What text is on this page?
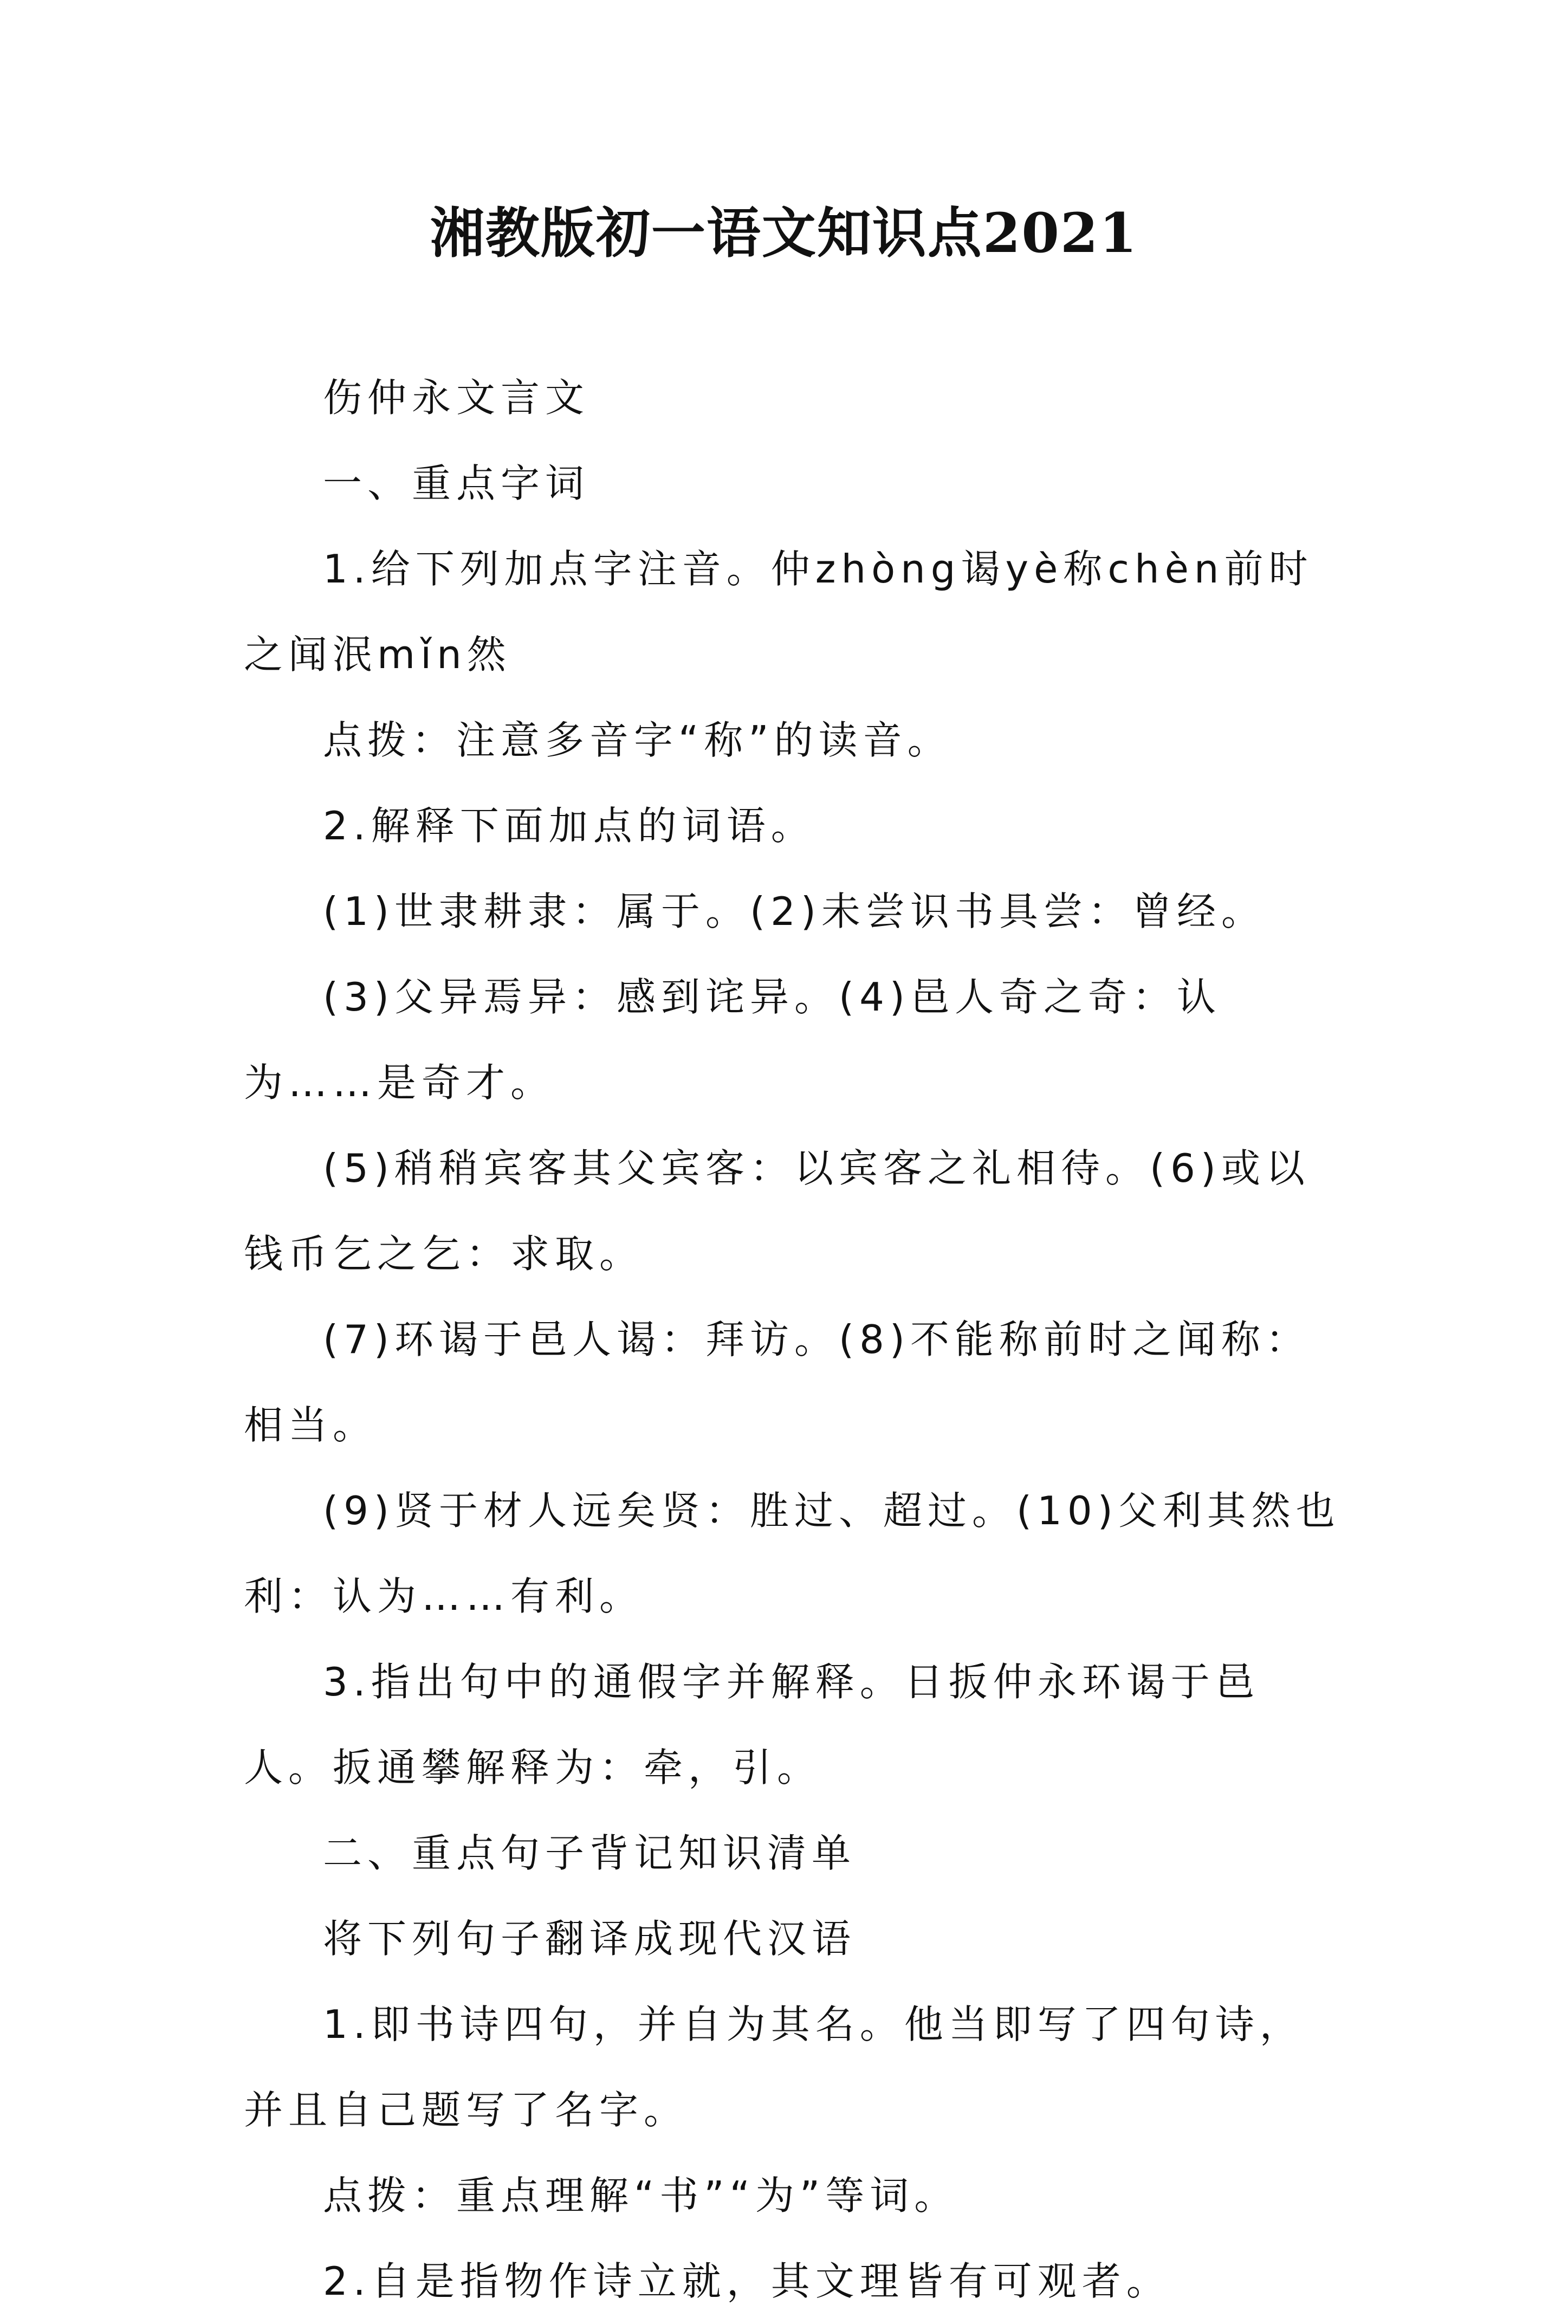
湘教版初一语文知识点2021

伤仲永文言文

一、重点字词

1.给下列加点字注音。仲zhòng谒yè称chèn前时之闻泯mǐn然

点拨：注意多音字“称”的读音。

2.解释下面加点的词语。

(1)世隶耕隶：属于。(2)未尝识书具尝：曾经。

(3)父异焉异：感到诧异。(4)邑人奇之奇：认为……是奇才。

(5)稍稍宾客其父宾客：以宾客之礼相待。(6)或以钱币乞之乞：求取。

(7)环谒于邑人谒：拜访。(8)不能称前时之闻称：相当。

(9)贤于材人远矣贤：胜过、超过。(10)父利其然也利：认为……有利。

3.指出句中的通假字并解释。日扳仲永环谒于邑人。扳通攀解释为：牵，引。

二、重点句子背记知识清单

将下列句子翻译成现代汉语

1.即书诗四句，并自为其名。他当即写了四句诗，并且自己题写了名字。

点拨：重点理解“书”“为”等词。

2.自是指物作诗立就，其文理皆有可观者。
